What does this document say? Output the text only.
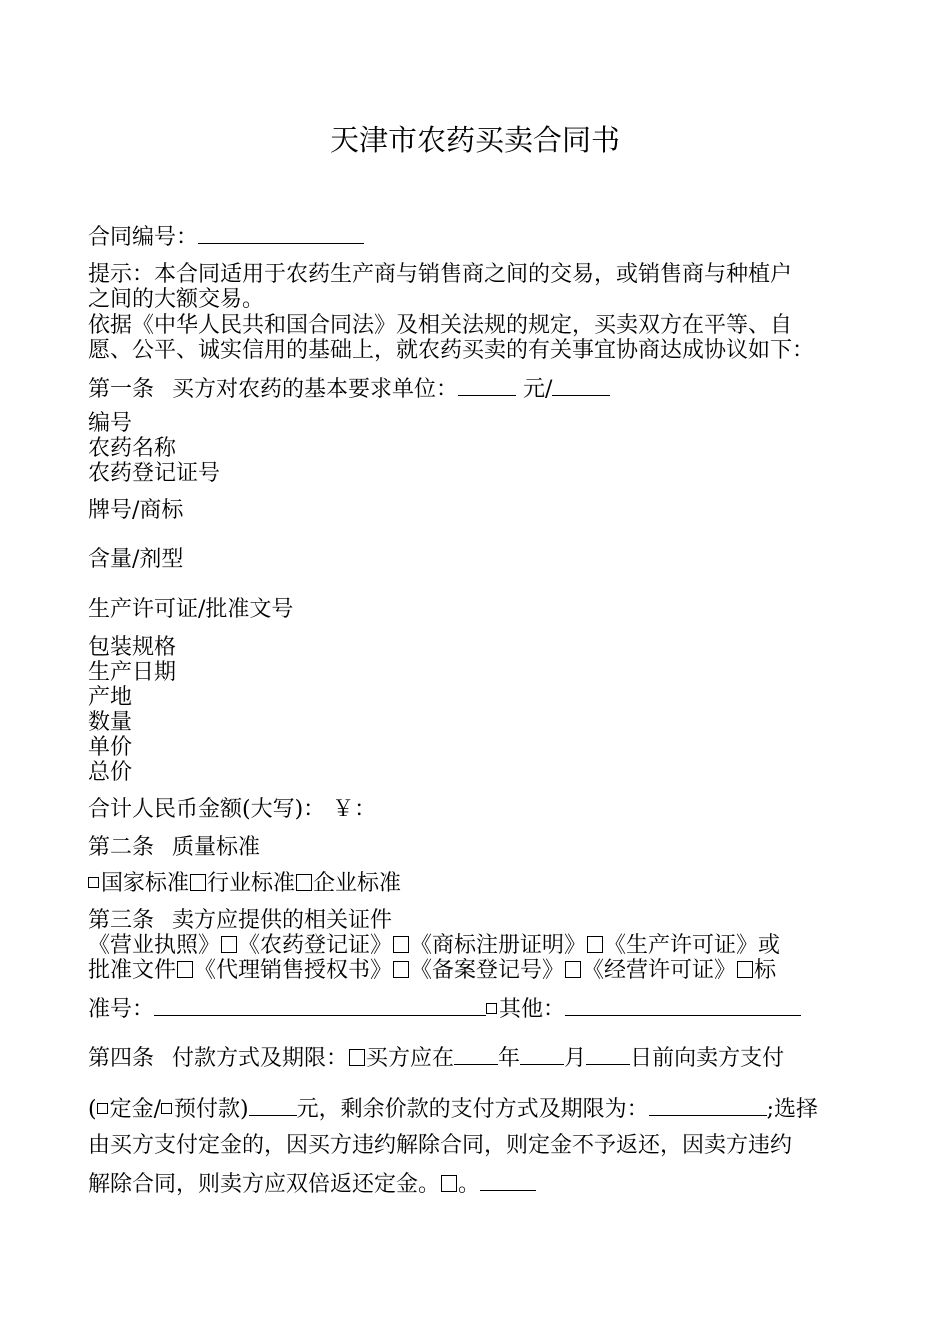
天津市农药买卖合同书
合同编号：
提示：本合同适用于农药生产商与销售商之间的交易，或销售商与种植户
之间的大额交易。
依据《中华人民共和国合同法》及相关法规的规定，买卖双方在平等、自
愿、公平、诚实信用的基础上，就农药买卖的有关事宜协商达成协议如下：
第一条 买方对农药的基本要求单位：	元/
编号
农药名称
农药登记证号
牌号/商标
含量/剂型
生产许可证/批准文号
包装规格
生产日期
产地
数量
单价
总价
合计人民币金额(大写)： ￥：
第二条 质量标准
国家标准 行业标准 企业标准
第三条 卖方应提供的相关证件
《营业执照》 《农药登记证》 《商标注册证明》 《生产许可证》或
批准文件 《代理销售授权书》 《备案登记号》 《经营许可证》 标
准号：	其他：
第四条 付款方式及期限： 买方应在 年 月 日前向卖方支付
( 定金/ 预付款) 元，剩余价款的支付方式及期限为：	;选择
由买方支付定金的，因买方违约解除合同，则定金不予返还，因卖方违约
解除合同，则卖方应双倍返还定金。 。
